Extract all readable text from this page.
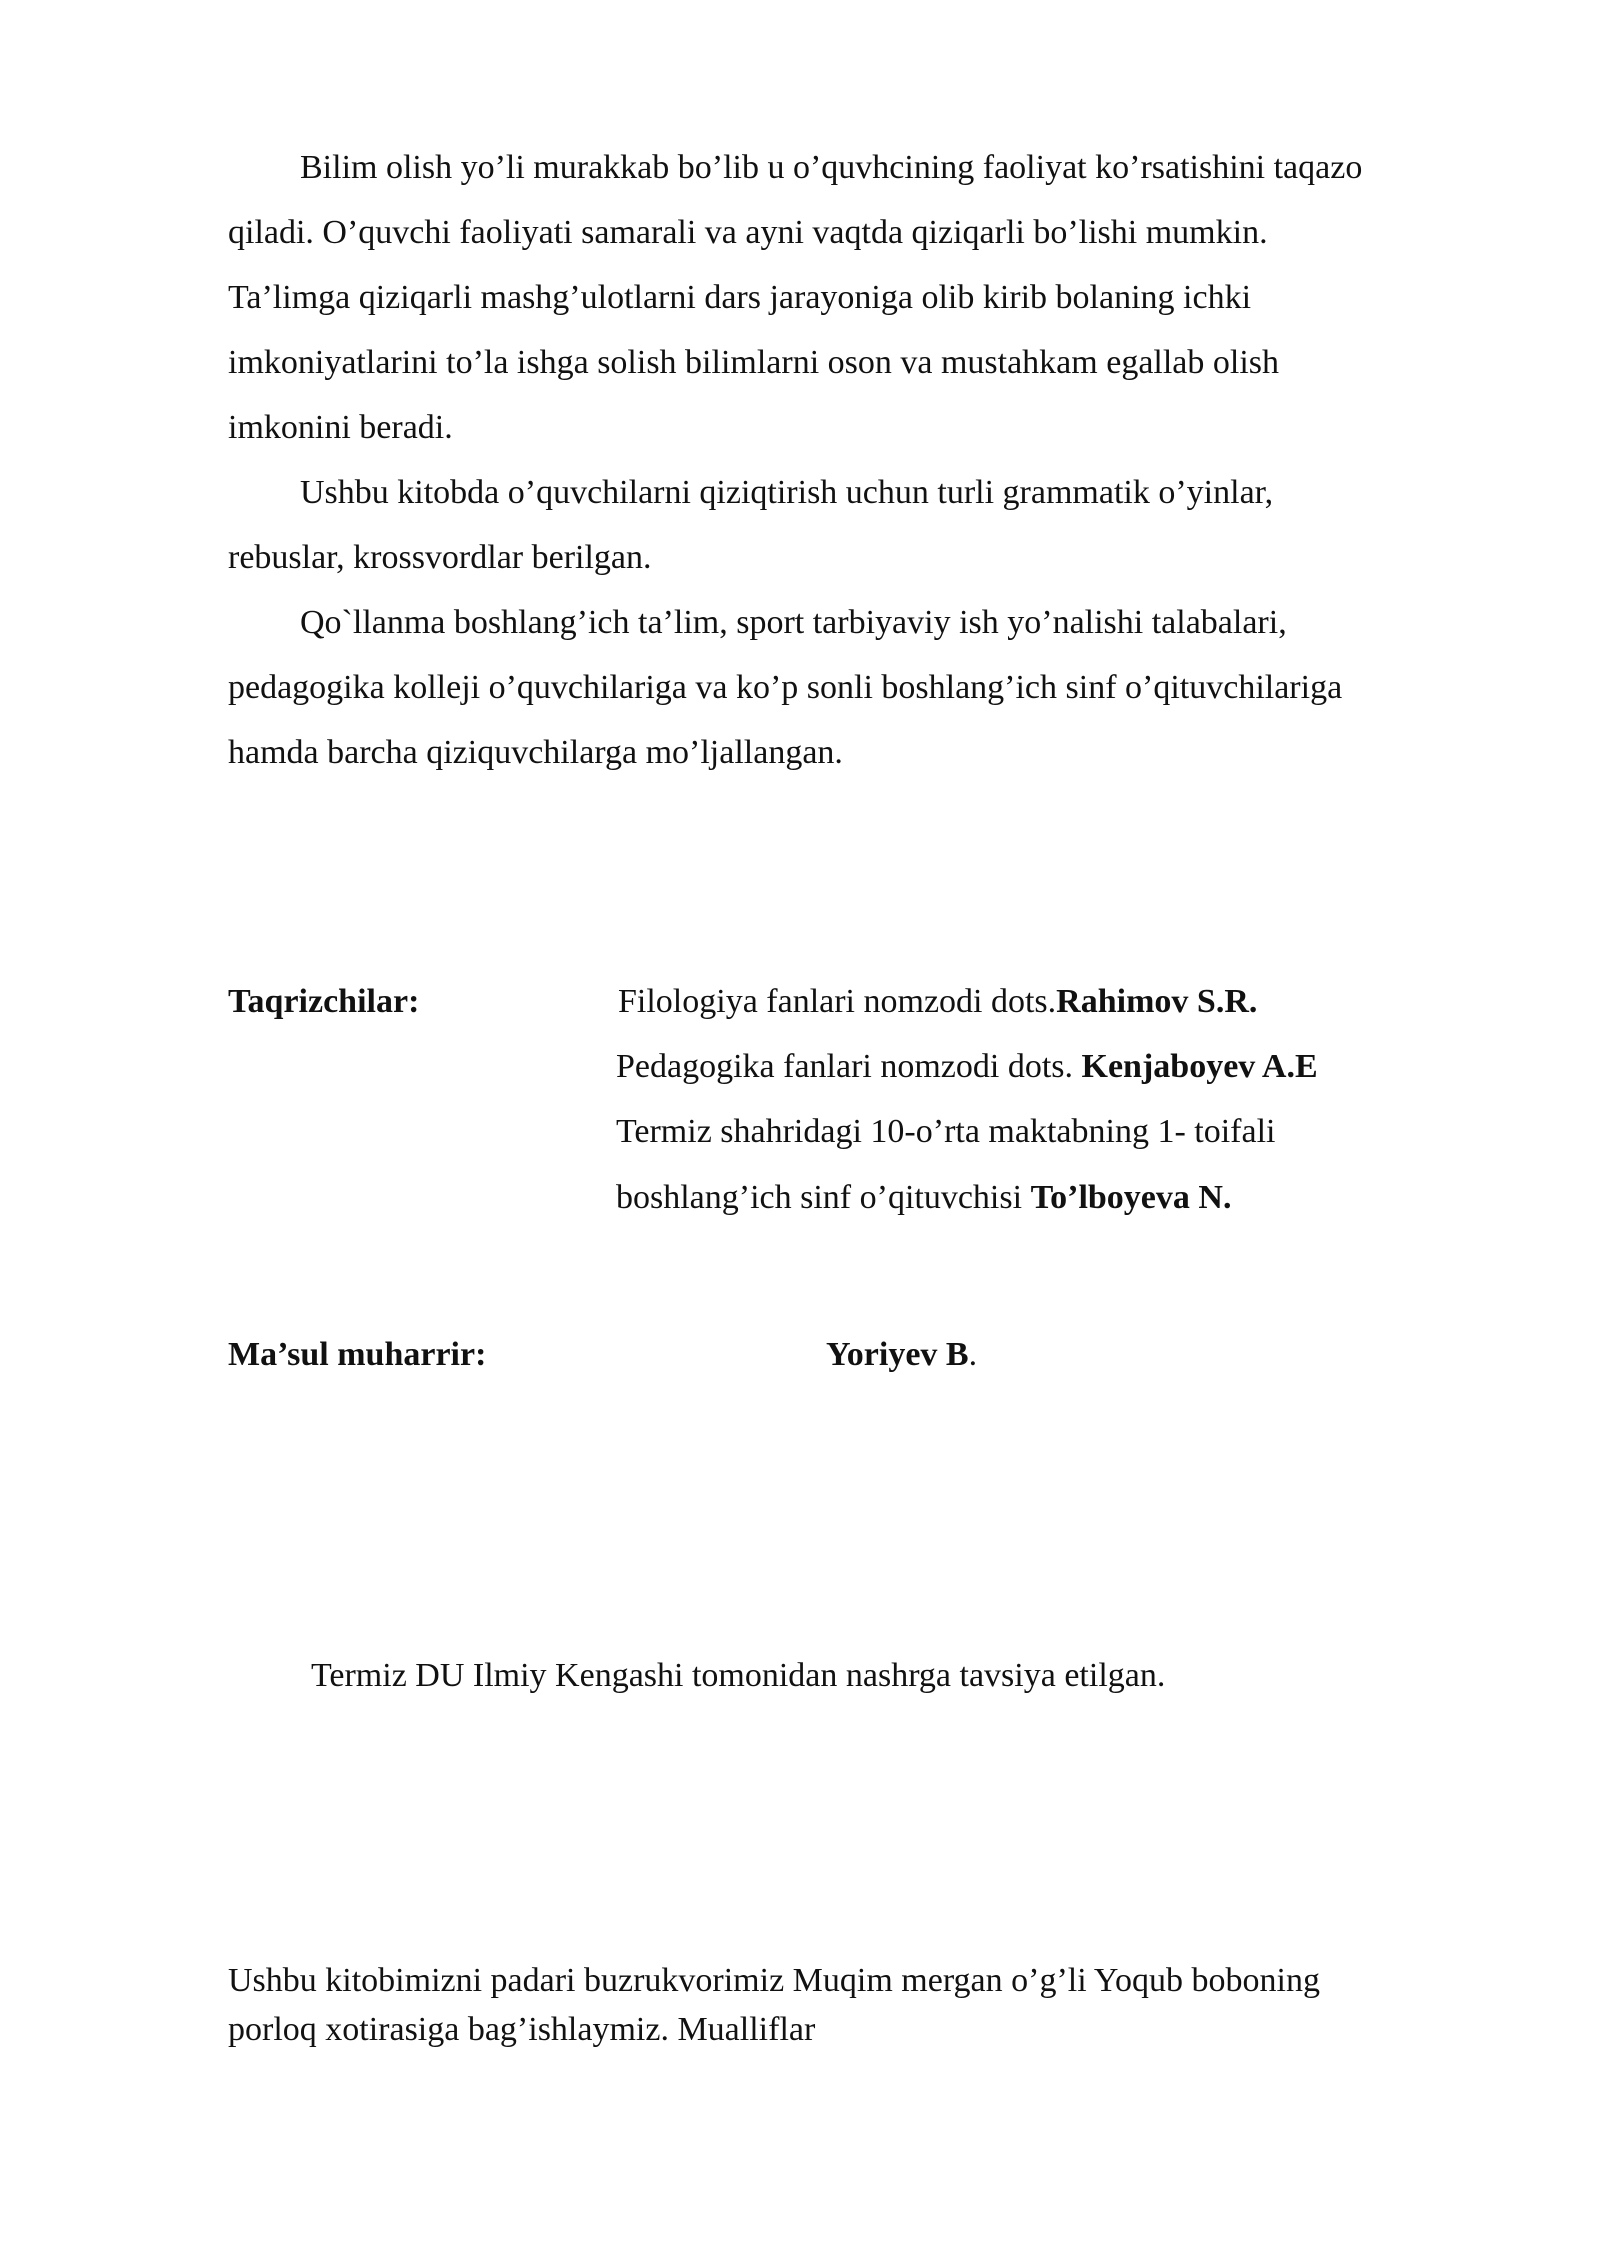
Bilim olish yo’li murakkab bo’lib u o’quvhcining faoliyat ko’rsatishini taqazo
qiladi. O’quvchi faoliyati samarali va ayni vaqtda qiziqarli bo’lishi mumkin.
Ta’limga qiziqarli mashg’ulotlarni dars jarayoniga olib kirib bolaning ichki
imkoniyatlarini to’la ishga solish bilimlarni oson va mustahkam egallab olish
imkonini beradi.
Ushbu kitobda o’quvchilarni qiziqtirish uchun turli grammatik o’yinlar,
rebuslar, krossvordlar berilgan.
Qo`llanma boshlang’ich ta’lim, sport tarbiyaviy ish yo’nalishi talabalari,
pedagogika kolleji o’quvchilariga va ko’p sonli boshlang’ich sinf o’qituvchilariga
hamda barcha qiziquvchilarga mo’ljallangan.
Taqrizchilar:	Filologiya fanlari nomzodi dots.Rahimov S.R.
Pedagogika fanlari nomzodi dots. Kenjaboyev A.E
Termiz shahridagi 10-o’rta maktabning 1- toifali
boshlang’ich sinf o’qituvchisi To’lboyeva N.
Ma’sul muharrir:	Yoriyev B.
Termiz DU Ilmiy Kengashi tomonidan nashrga tavsiya etilgan.
Ushbu kitobimizni padari buzrukvorimiz Muqim mergan o’g’li Yoqub boboning
porloq xotirasiga bag’ishlaymiz. Mualliflar
